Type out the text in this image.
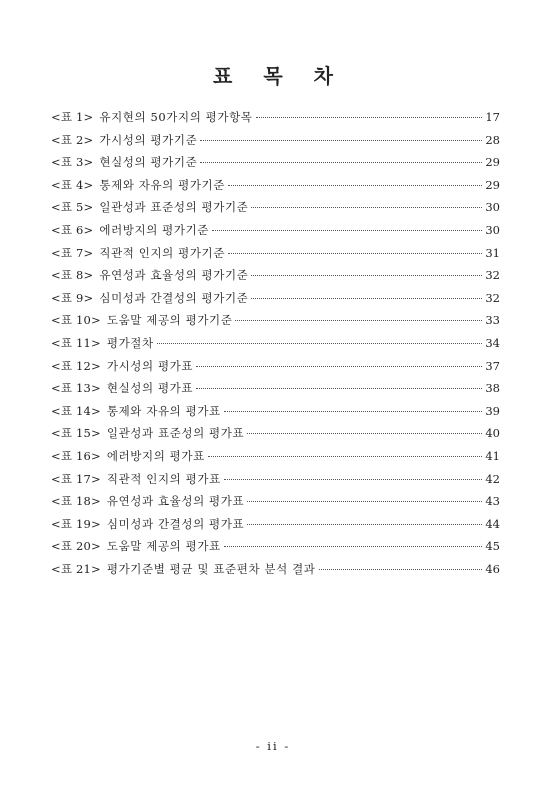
표 목 차
<표 1> 유지현의 50가지의 평가항목	17
<표 2> 가시성의 평가기준	28
<표 3> 현실성의 평가기준	29
<표 4> 통제와 자유의 평가기준	29
<표 5> 일관성과 표준성의 평가기준	30
<표 6> 에러방지의 평가기준	30
<표 7> 직관적 인지의 평가기준	31
<표 8> 유연성과 효율성의 평가기준	32
<표 9> 심미성과 간결성의 평가기준	32
<표 10> 도움말 제공의 평가기준	33
<표 11> 평가절차	34
<표 12> 가시성의 평가표	37
<표 13> 현실성의 평가표	38
<표 14> 통제와 자유의 평가표	39
<표 15> 일관성과 표준성의 평가표	40
<표 16> 에러방지의 평가표	41
<표 17> 직관적 인지의 평가표	42
<표 18> 유연성과 효율성의 평가표	43
<표 19> 심미성과 간결성의 평가표	44
<표 20> 도움말 제공의 평가표	45
<표 21> 평가기준별 평균 및 표준편차 분석 결과	46
- ii -
